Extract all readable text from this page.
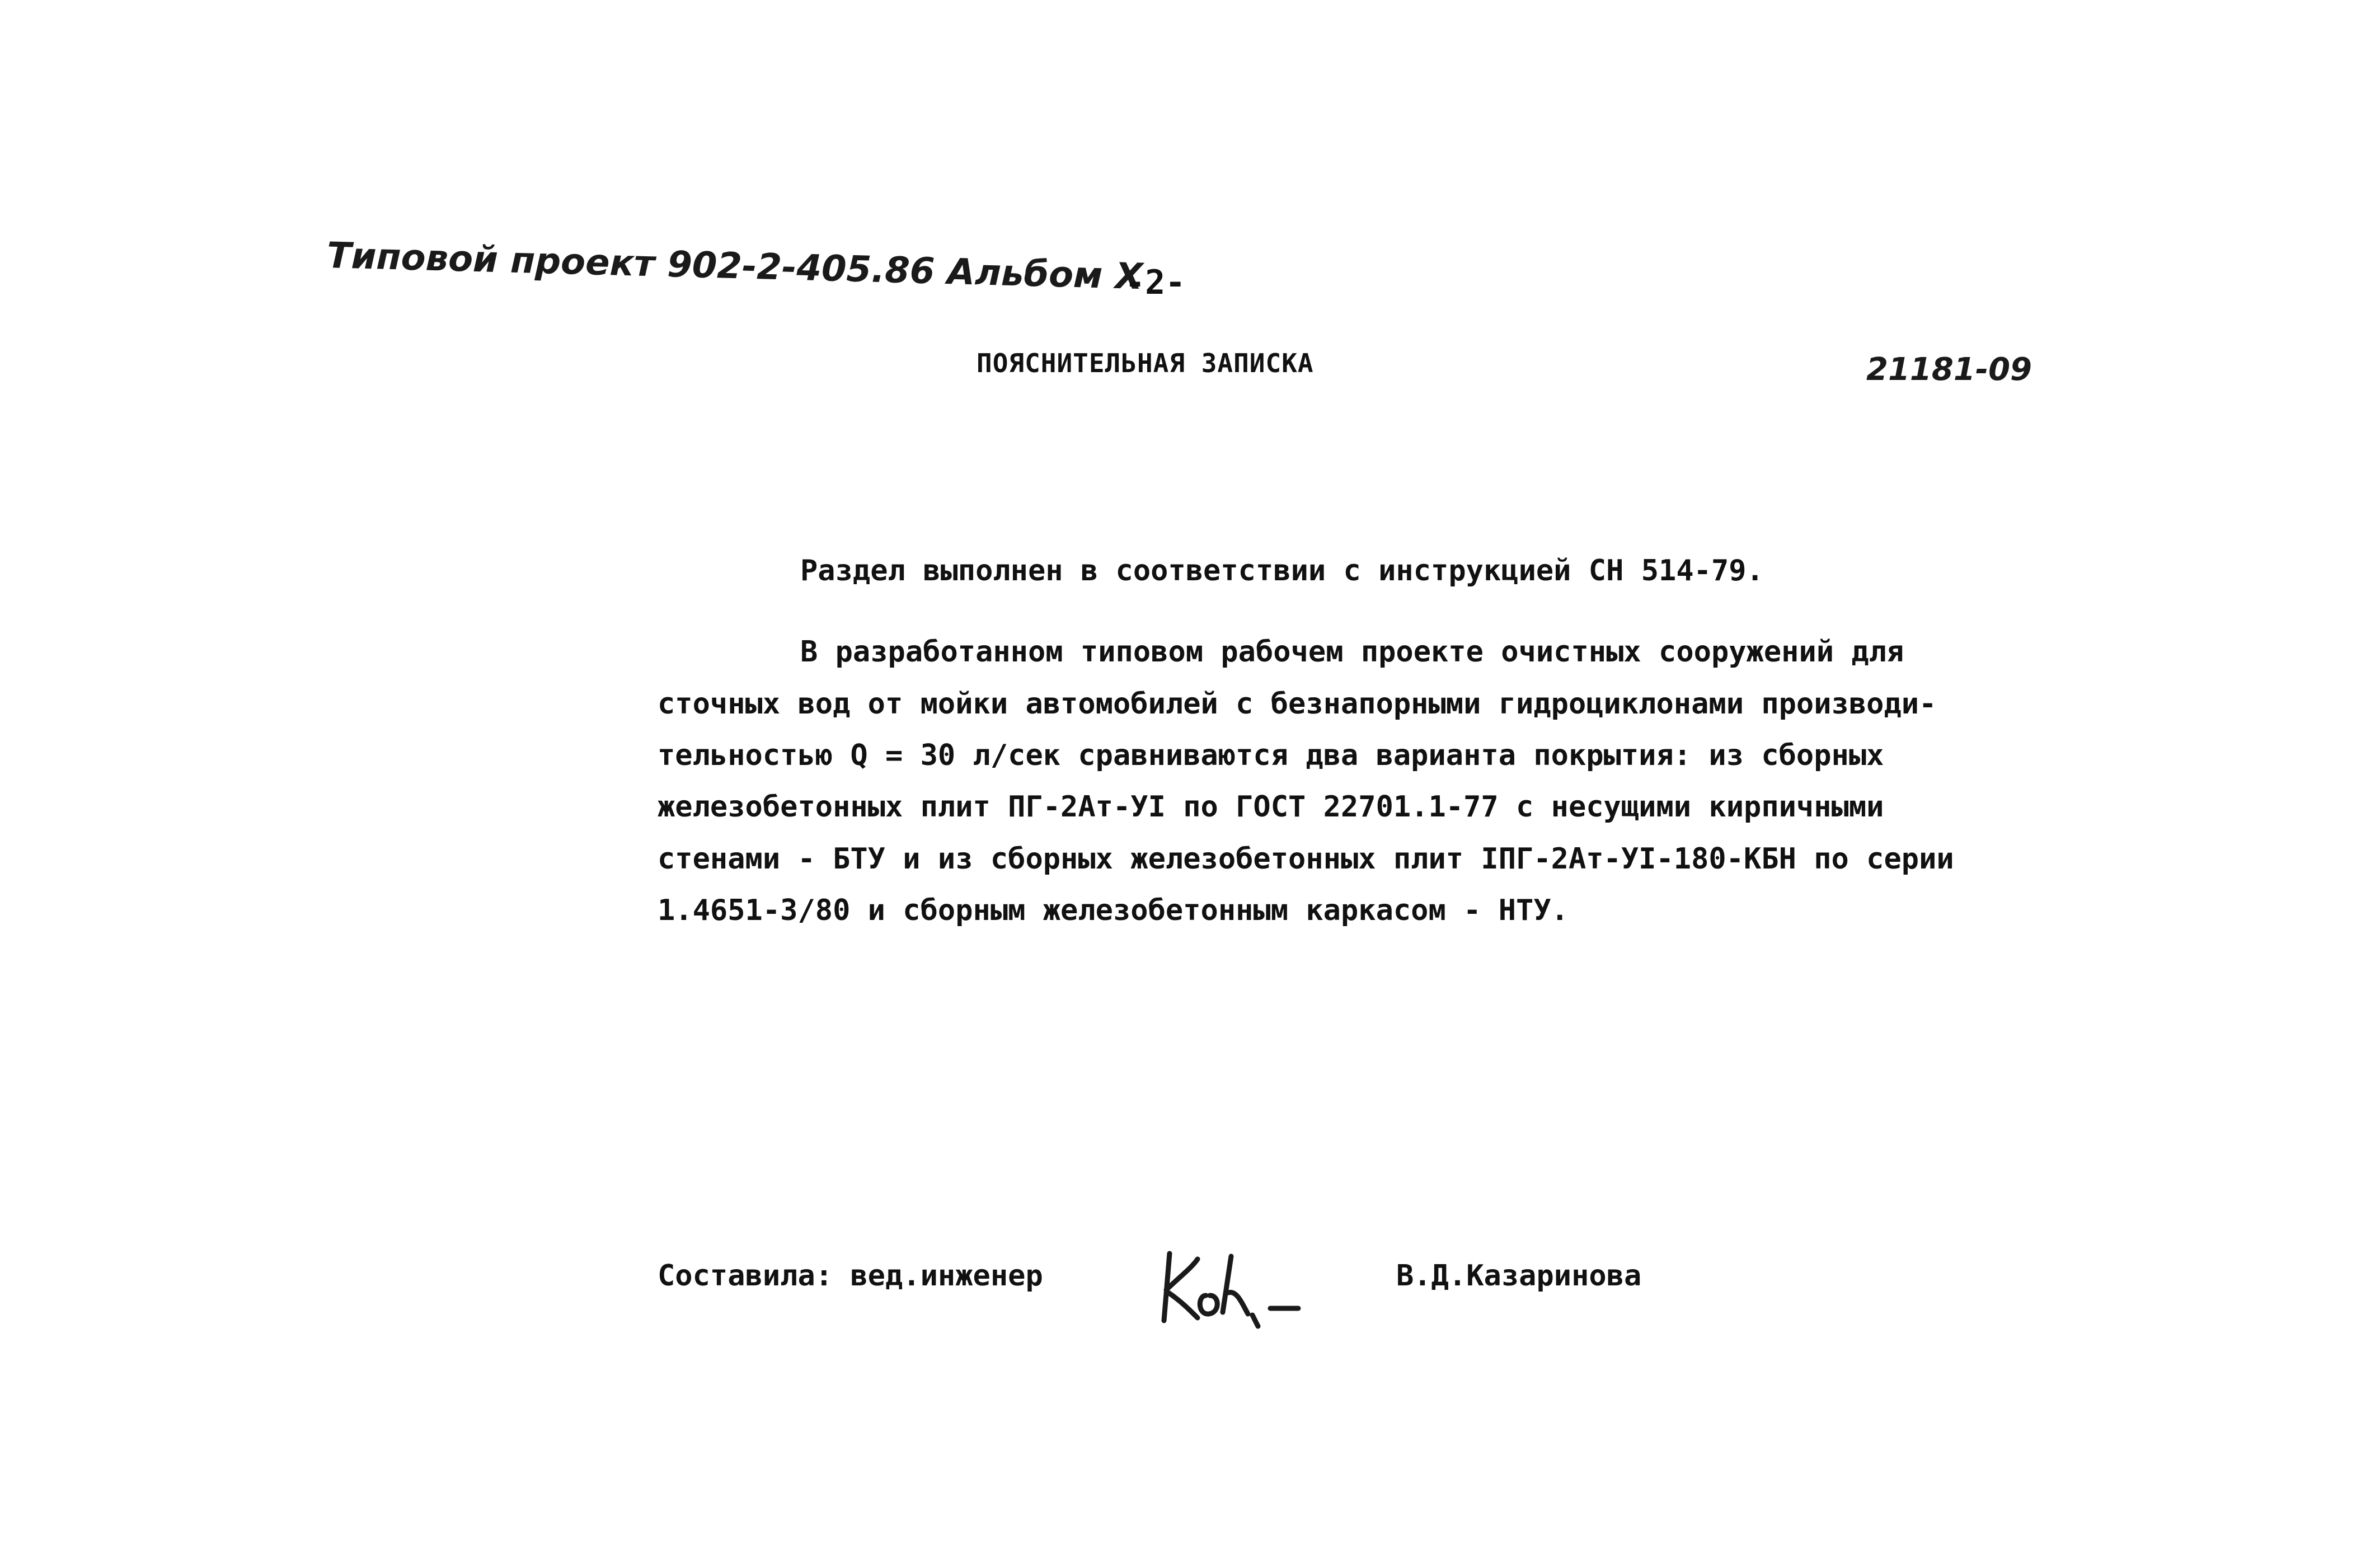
Типовой проект 902-2-405.86 Альбом X
-2-
ПОЯСНИТЕЛЬНАЯ ЗАПИСКА	21181-09
Раздел выполнен в соответствии с инструкцией СН 514-79.
В разработанном типовом рабочем проекте очистных сооружений для
сточных вод от мойки автомобилей с безнапорными гидроциклонами производи-
тельностью Q = 30 л/сек сравниваются два варианта покрытия: из сборных
железобетонных плит ПГ-2Ат-УI по ГОСТ 22701.1-77 с несущими кирпичными
стенами - БТУ и из сборных железобетонных плит IПГ-2Ат-УI-180-КБН по серии
1.4651-3/80 и сборным железобетонным каркасом - НТУ.
Составила: вед.инженер	В.Д.Казаринова
